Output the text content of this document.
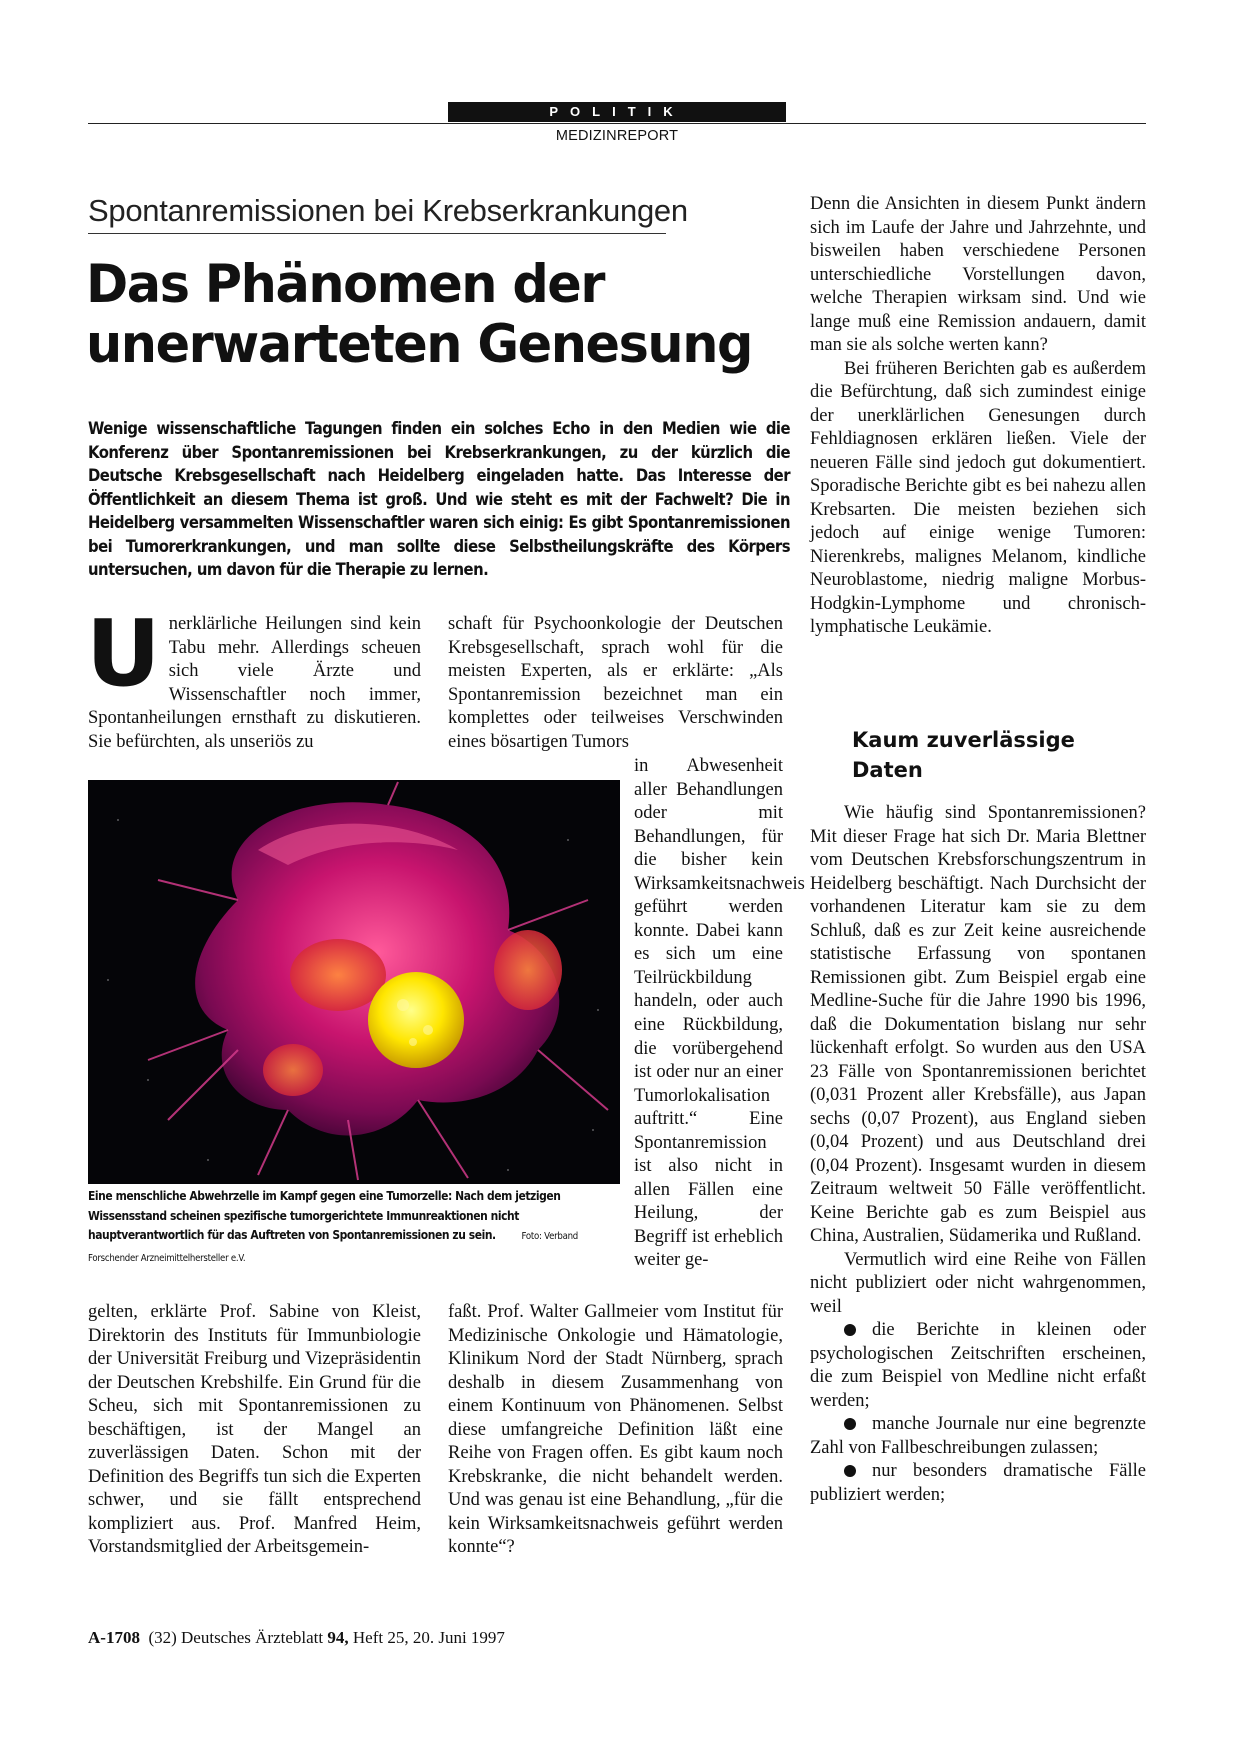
POLITIK
MEDIZINREPORT
Spontanremissionen bei Krebserkrankungen
Das Phänomen der
unerwarteten Genesung
Wenige wissenschaftliche Tagungen finden ein solches Echo in den Medien wie die Konferenz über Spontanremissionen bei Krebserkrankungen, zu der kürzlich die Deutsche Krebsgesellschaft nach Heidelberg eingeladen hatte. Das Interesse der Öffentlichkeit an diesem Thema ist groß. Und wie steht es mit der Fachwelt? Die in Heidelberg versammelten Wissenschaftler waren sich einig: Es gibt Spontanremissionen bei Tumorerkrankungen, und man sollte diese Selbstheilungskräfte des Körpers untersuchen, um davon für die Therapie zu lernen.
Unerklärliche Heilungen sind kein Tabu mehr. Allerdings scheuen sich viele Ärzte und Wissenschaftler noch immer, Spontanheilungen ernsthaft zu diskutieren. Sie befürchten, als unseriös zu
schaft für Psychoonkologie der Deutschen Krebsgesellschaft, sprach wohl für die meisten Experten, als er erklärte: „Als Spontanremission bezeichnet man ein komplettes oder teilweises Verschwinden eines bösartigen Tumors
in Abwesenheit aller Behandlungen oder mit Behandlungen, für die bisher kein Wirksamkeitsnachweis geführt werden konnte. Dabei kann es sich um eine Teilrückbildung handeln, oder auch eine Rückbildung, die vorübergehend ist oder nur an einer Tumorlokalisation auftritt.“ Eine Spontanremission ist also nicht in allen Fällen eine Heilung, der Begriff ist erheblich weiter ge-
Eine menschliche Abwehrzelle im Kampf gegen eine Tumorzelle: Nach dem jetzigen Wissensstand scheinen spezifische tumorgerichtete Immunreaktionen nicht hauptverantwortlich für das Auftreten von Spontanremissionen zu sein.	Foto: Verband Forschender Arzneimittelhersteller e.V.
gelten, erklärte Prof. Sabine von Kleist, Direktorin des Instituts für Immunbiologie der Universität Freiburg und Vizepräsidentin der Deutschen Krebshilfe. Ein Grund für die Scheu, sich mit Spontanremissionen zu beschäftigen, ist der Mangel an zuverlässigen Daten. Schon mit der Definition des Begriffs tun sich die Experten schwer, und sie fällt entsprechend kompliziert aus. Prof. Manfred Heim, Vorstandsmitglied der Arbeitsgemein-
faßt. Prof. Walter Gallmeier vom Institut für Medizinische Onkologie und Hämatologie, Klinikum Nord der Stadt Nürnberg, sprach deshalb in diesem Zusammenhang von einem Kontinuum von Phänomenen. Selbst diese umfangreiche Definition läßt eine Reihe von Fragen offen. Es gibt kaum noch Krebskranke, die nicht behandelt werden. Und was genau ist eine Behandlung, „für die kein Wirksamkeitsnachweis geführt werden konnte“?

Denn die Ansichten in diesem Punkt ändern sich im Laufe der Jahre und Jahrzehnte, und bisweilen haben verschiedene Personen unterschiedliche Vorstellungen davon, welche Therapien wirksam sind. Und wie lange muß eine Remission andauern, damit man sie als solche werten kann?

Bei früheren Berichten gab es außerdem die Befürchtung, daß sich zumindest einige der unerklärlichen Genesungen durch Fehldiagnosen erklären ließen. Viele der neueren Fälle sind jedoch gut dokumentiert. Sporadische Berichte gibt es bei nahezu allen Krebsarten. Die meisten beziehen sich jedoch auf einige wenige Tumoren: Nierenkrebs, malignes Melanom, kindliche Neuroblastome, niedrig maligne Morbus-Hodgkin-Lymphome und chronisch-lymphatische Leukämie.

Kaum zuverlässige Daten

Wie häufig sind Spontanremissionen? Mit dieser Frage hat sich Dr. Maria Blettner vom Deutschen Krebsforschungszentrum in Heidelberg beschäftigt. Nach Durchsicht der vorhandenen Literatur kam sie zu dem Schluß, daß es zur Zeit keine ausreichende statistische Erfassung von spontanen Remissionen gibt. Zum Beispiel ergab eine Medline-Suche für die Jahre 1990 bis 1996, daß die Dokumentation bislang nur sehr lückenhaft erfolgt. So wurden aus den USA 23 Fälle von Spontanremissionen berichtet (0,031 Prozent aller Krebsfälle), aus Japan sechs (0,07 Prozent), aus England sieben (0,04 Prozent) und aus Deutschland drei (0,04 Prozent). Insgesamt wurden in diesem Zeitraum weltweit 50 Fälle veröffentlicht. Keine Berichte gab es zum Beispiel aus China, Australien, Südamerika und Rußland.

Vermutlich wird eine Reihe von Fällen nicht publiziert oder nicht wahrgenommen, weil

die Berichte in kleinen oder psychologischen Zeitschriften erscheinen, die zum Beispiel von Medline nicht erfaßt werden;

manche Journale nur eine begrenzte Zahl von Fallbeschreibungen zulassen;

nur besonders dramatische Fälle publiziert werden;

A-1708 (32) Deutsches Ärzteblatt 94, Heft 25, 20. Juni 1997
